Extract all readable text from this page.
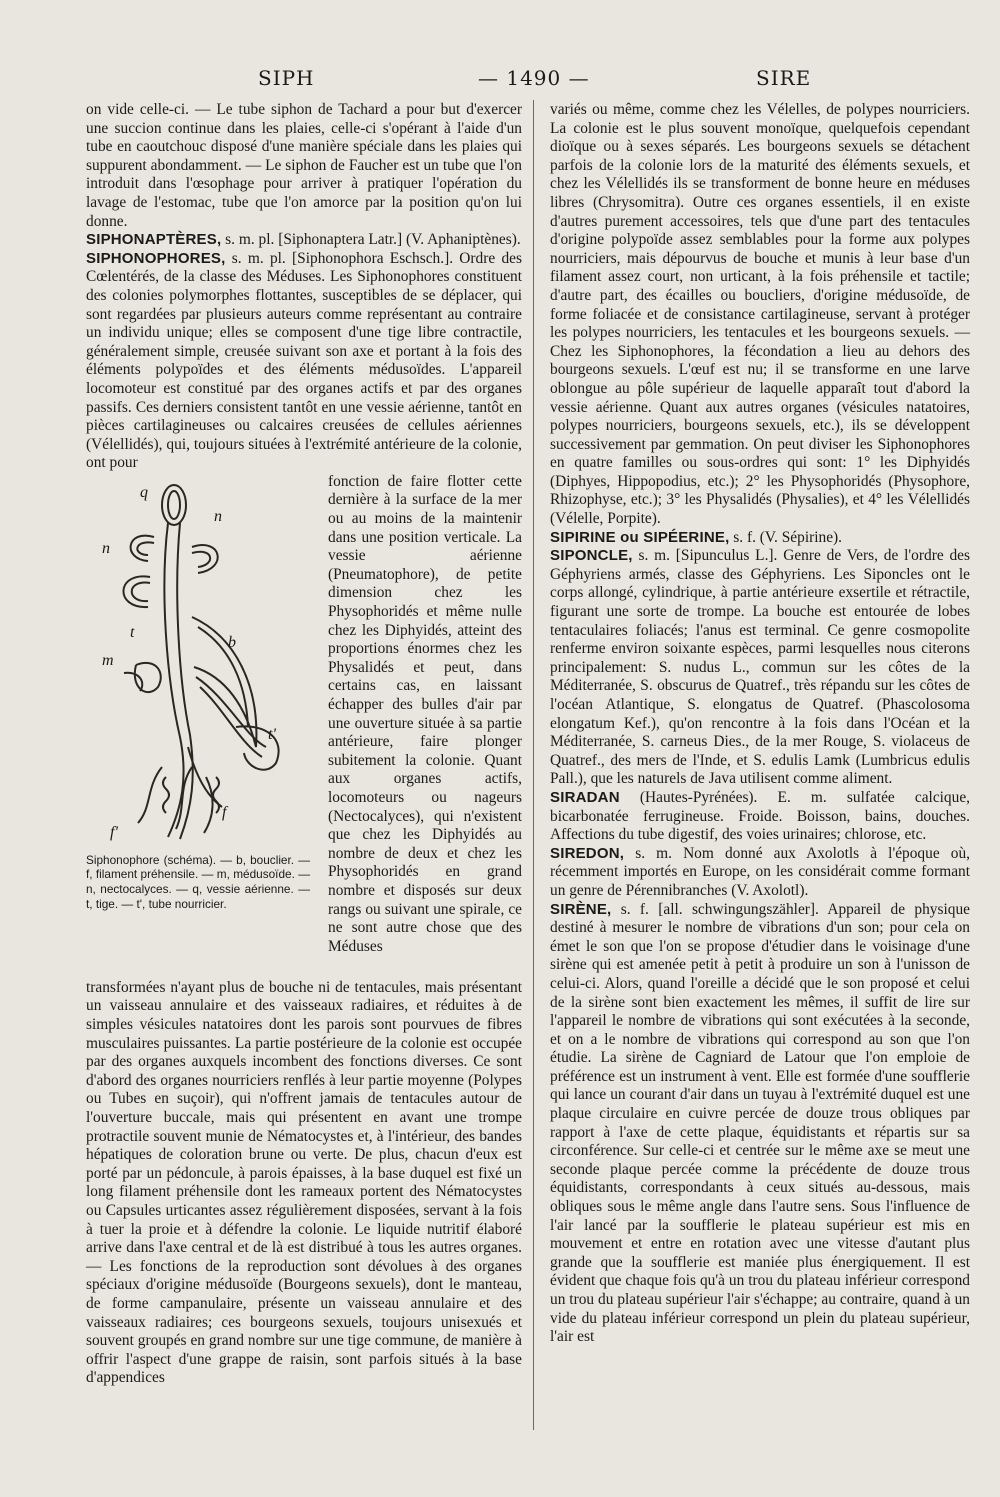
SIPH	— 1490 —	SIRE

on vide celle-ci. — Le tube siphon de Tachard a pour but d'exercer une succion continue dans les plaies, celle-ci s'opérant à l'aide d'un tube en caoutchouc disposé d'une manière spéciale dans les plaies qui suppurent abondamment. — Le siphon de Faucher est un tube que l'on introduit dans l'œsophage pour arriver à pratiquer l'opération du lavage de l'estomac, tube que l'on amorce par la position qu'on lui donne.

SIPHONAPTÈRES, s. m. pl. [Siphonaptera Latr.] (V. Aphaniptènes).

SIPHONOPHORES, s. m. pl. [Siphonophora Eschsch.]. Ordre des Cœlentérés, de la classe des Méduses. Les Siphonophores constituent des colonies polymorphes flottantes, susceptibles de se déplacer, qui sont regardées par plusieurs auteurs comme représentant au contraire un individu unique; elles se composent d'une tige libre contractile, généralement simple, creusée suivant son axe et portant à la fois des éléments polypoïdes et des éléments médusoïdes. L'appareil locomoteur est constitué par des organes actifs et par des organes passifs. Ces derniers consistent tantôt en une vessie aérienne, tantôt en pièces cartilagineuses ou calcaires creusées de cellules aériennes (Vélellidés), qui, toujours situées à l'extrémité antérieure de la colonie, ont pour

q
n
n
t
m
b
t'
f
f'
Siphonophore (schéma). — b, bouclier. — f, filament préhensile. — m, médusoïde. — n, nectocalyces. — q, vessie aérienne. — t, tige. — t', tube nourricier.

fonction de faire flotter cette dernière à la surface de la mer ou au moins de la maintenir dans une position verticale. La vessie aérienne (Pneumatophore), de petite dimension chez les Physophoridés et même nulle chez les Diphyidés, atteint des proportions énormes chez les Physalidés et peut, dans certains cas, en laissant échapper des bulles d'air par une ouverture située à sa partie antérieure, faire plonger subitement la colonie. Quant aux organes actifs, locomoteurs ou nageurs (Nectocalyces), qui n'existent que chez les Diphyidés au nombre de deux et chez les Physophoridés en grand nombre et disposés sur deux rangs ou suivant une spirale, ce ne sont autre chose que des Méduses

transformées n'ayant plus de bouche ni de tentacules, mais présentant un vaisseau annulaire et des vaisseaux radiaires, et réduites à de simples vésicules natatoires dont les parois sont pourvues de fibres musculaires puissantes. La partie postérieure de la colonie est occupée par des organes auxquels incombent des fonctions diverses. Ce sont d'abord des organes nourriciers renflés à leur partie moyenne (Polypes ou Tubes en suçoir), qui n'offrent jamais de tentacules autour de l'ouverture buccale, mais qui présentent en avant une trompe protractile souvent munie de Nématocystes et, à l'intérieur, des bandes hépatiques de coloration brune ou verte. De plus, chacun d'eux est porté par un pédoncule, à parois épaisses, à la base duquel est fixé un long filament préhensile dont les rameaux portent des Nématocystes ou Capsules urticantes assez régulièrement disposées, servant à la fois à tuer la proie et à défendre la colonie. Le liquide nutritif élaboré arrive dans l'axe central et de là est distribué à tous les autres organes. — Les fonctions de la reproduction sont dévolues à des organes spéciaux d'origine médusoïde (Bourgeons sexuels), dont le manteau, de forme campanulaire, présente un vaisseau annulaire et des vaisseaux radiaires; ces bourgeons sexuels, toujours unisexués et souvent groupés en grand nombre sur une tige commune, de manière à offrir l'aspect d'une grappe de raisin, sont parfois situés à la base d'appendices

variés ou même, comme chez les Vélelles, de polypes nourriciers. La colonie est le plus souvent monoïque, quelquefois cependant dioïque ou à sexes séparés. Les bourgeons sexuels se détachent parfois de la colonie lors de la maturité des éléments sexuels, et chez les Vélellidés ils se transforment de bonne heure en méduses libres (Chrysomitra). Outre ces organes essentiels, il en existe d'autres purement accessoires, tels que d'une part des tentacules d'origine polypoïde assez semblables pour la forme aux polypes nourriciers, mais dépourvus de bouche et munis à leur base d'un filament assez court, non urticant, à la fois préhensile et tactile; d'autre part, des écailles ou boucliers, d'origine médusoïde, de forme foliacée et de consistance cartilagineuse, servant à protéger les polypes nourriciers, les tentacules et les bourgeons sexuels. — Chez les Siphonophores, la fécondation a lieu au dehors des bourgeons sexuels. L'œuf est nu; il se transforme en une larve oblongue au pôle supérieur de laquelle apparaît tout d'abord la vessie aérienne. Quant aux autres organes (vésicules natatoires, polypes nourriciers, bourgeons sexuels, etc.), ils se développent successivement par gemmation. On peut diviser les Siphonophores en quatre familles ou sous-ordres qui sont: 1° les Diphyidés (Diphyes, Hippopodius, etc.); 2° les Physophoridés (Physophore, Rhizophyse, etc.); 3° les Physalidés (Physalies), et 4° les Vélellidés (Vélelle, Porpite).

SIPIRINE ou SIPÉERINE, s. f. (V. Sépirine).

SIPONCLE, s. m. [Sipunculus L.]. Genre de Vers, de l'ordre des Géphyriens armés, classe des Géphyriens. Les Siponcles ont le corps allongé, cylindrique, à partie antérieure exsertile et rétractile, figurant une sorte de trompe. La bouche est entourée de lobes tentaculaires foliacés; l'anus est terminal. Ce genre cosmopolite renferme environ soixante espèces, parmi lesquelles nous citerons principalement: S. nudus L., commun sur les côtes de la Méditerranée, S. obscurus de Quatref., très répandu sur les côtes de l'océan Atlantique, S. elongatus de Quatref. (Phascolosoma elongatum Kef.), qu'on rencontre à la fois dans l'Océan et la Méditerranée, S. carneus Dies., de la mer Rouge, S. violaceus de Quatref., des mers de l'Inde, et S. edulis Lamk (Lumbricus edulis Pall.), que les naturels de Java utilisent comme aliment.

SIRADAN (Hautes-Pyrénées). E. m. sulfatée calcique, bicarbonatée ferrugineuse. Froide. Boisson, bains, douches. Affections du tube digestif, des voies urinaires; chlorose, etc.

SIREDON, s. m. Nom donné aux Axolotls à l'époque où, récemment importés en Europe, on les considérait comme formant un genre de Pérennibranches (V. Axolotl).

SIRÈNE, s. f. [all. schwingungszähler]. Appareil de physique destiné à mesurer le nombre de vibrations d'un son; pour cela on émet le son que l'on se propose d'étudier dans le voisinage d'une sirène qui est amenée petit à petit à produire un son à l'unisson de celui-ci. Alors, quand l'oreille a décidé que le son proposé et celui de la sirène sont bien exactement les mêmes, il suffit de lire sur l'appareil le nombre de vibrations qui sont exécutées à la seconde, et on a le nombre de vibrations qui correspond au son que l'on étudie. La sirène de Cagniard de Latour que l'on emploie de préférence est un instrument à vent. Elle est formée d'une soufflerie qui lance un courant d'air dans un tuyau à l'extrémité duquel est une plaque circulaire en cuivre percée de douze trous obliques par rapport à l'axe de cette plaque, équidistants et répartis sur sa circonférence. Sur celle-ci et centrée sur le même axe se meut une seconde plaque percée comme la précédente de douze trous équidistants, correspondants à ceux situés au-dessous, mais obliques sous le même angle dans l'autre sens. Sous l'influence de l'air lancé par la soufflerie le plateau supérieur est mis en mouvement et entre en rotation avec une vitesse d'autant plus grande que la soufflerie est maniée plus énergiquement. Il est évident que chaque fois qu'à un trou du plateau inférieur correspond un trou du plateau supérieur l'air s'échappe; au contraire, quand à un vide du plateau inférieur correspond un plein du plateau supérieur, l'air est
